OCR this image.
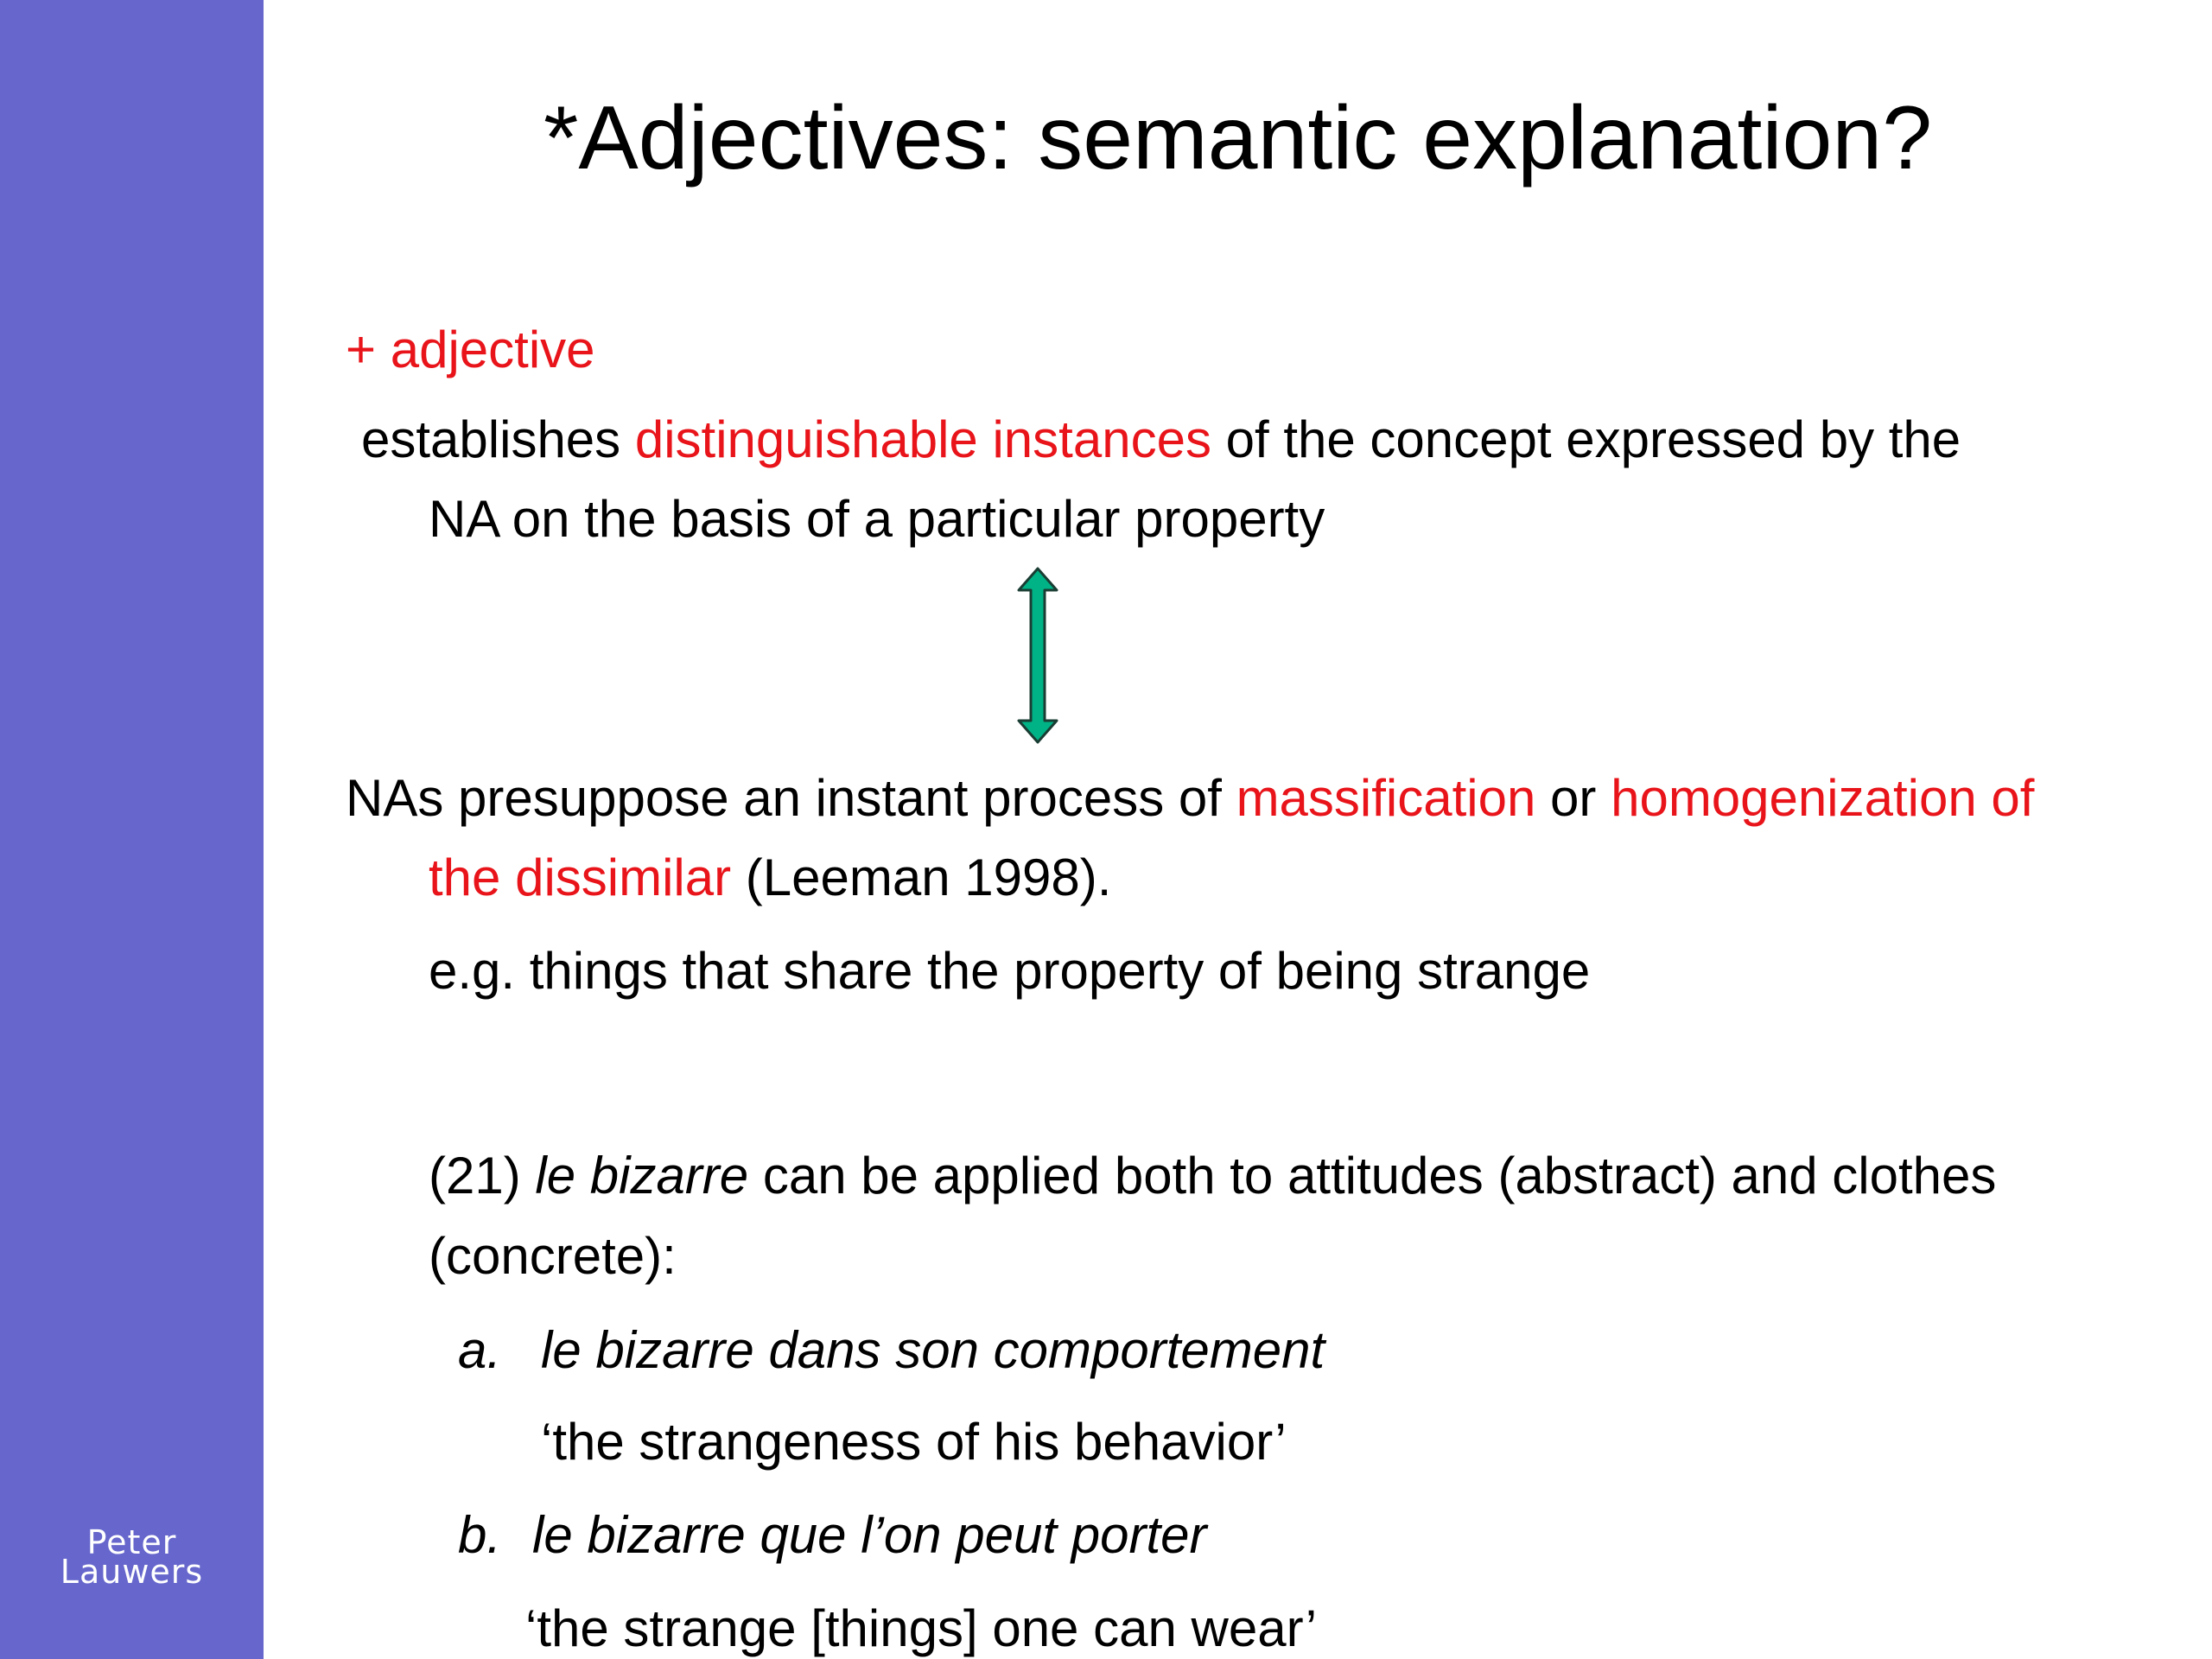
Peter
Lauwers
*Adjectives: semantic explanation?
+ adjective
establishes distinguishable instances of the concept expressed by the
NA on the basis of a particular property
NAs presuppose an instant process of massification or homogenization of
the dissimilar (Leeman 1998).
e.g. things that share the property of being strange
(21) le bizarre can be applied both to attitudes (abstract) and clothes
(concrete):
a. le bizarre dans son comportement
‘the strangeness of his behavior’
b. le bizarre que l’on peut porter
‘the strange [things] one can wear’
